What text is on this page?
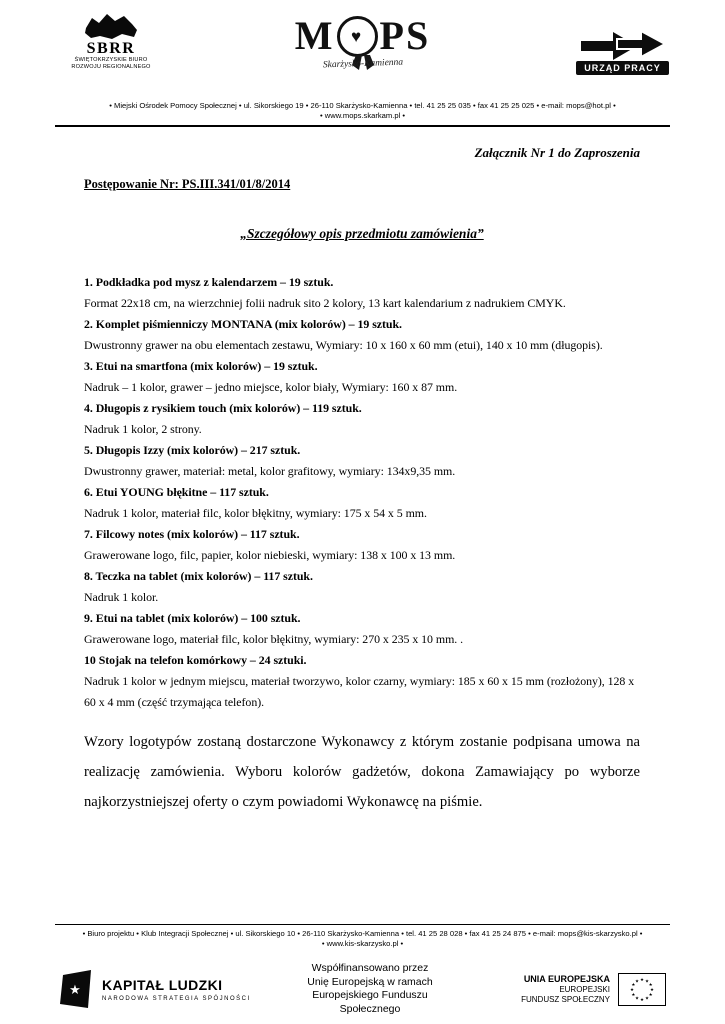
SBRR
ŚWIĘTOKRZYSKIE BIURO
ROZWOJU REGIONALNEGO
M ♥ PS
Skarżysko-Kamienna	URZĄD PRACY
• Miejski Ośrodek Pomocy Społecznej • ul. Sikorskiego 19 • 26-110 Skarżysko-Kamienna • tel. 41 25 25 035 • fax 41 25 25 025 • e-mail: mops@hot.pl •
• www.mops.skarkam.pl •

Załącznik Nr 1 do Zaproszenia

Postępowanie Nr: PS.III.341/01/8/2014

„Szczegółowy opis przedmiotu zamówienia”

1. Podkładka pod mysz z kalendarzem – 19 sztuk.

Format 22x18 cm, na wierzchniej folii nadruk sito 2 kolory, 13 kart kalendarium z nadrukiem CMYK.

2. Komplet piśmienniczy MONTANA (mix kolorów) – 19 sztuk.

Dwustronny grawer na obu elementach zestawu, Wymiary: 10 x 160 x 60 mm (etui), 140 x 10 mm (długopis).

3. Etui na smartfona (mix kolorów) – 19 sztuk.

Nadruk – 1 kolor, grawer – jedno miejsce, kolor biały, Wymiary: 160 x 87 mm.

4. Długopis z rysikiem touch (mix kolorów) – 119 sztuk.

Nadruk 1 kolor, 2 strony.

5. Długopis Izzy (mix kolorów) – 217 sztuk.

Dwustronny grawer, materiał: metal, kolor grafitowy, wymiary: 134x9,35 mm.

6. Etui YOUNG błękitne – 117 sztuk.

Nadruk 1 kolor, materiał filc, kolor błękitny, wymiary: 175 x 54 x 5 mm.

7. Filcowy notes (mix kolorów) – 117 sztuk.

Grawerowane logo, filc, papier, kolor niebieski, wymiary: 138 x 100 x 13 mm.

8. Teczka na tablet (mix kolorów) – 117 sztuk.

Nadruk 1 kolor.

9. Etui na tablet (mix kolorów) – 100 sztuk.

Grawerowane logo, materiał filc, kolor błękitny, wymiary: 270 x 235 x 10 mm. .

10 Stojak na telefon komórkowy – 24 sztuki.

Nadruk 1 kolor w jednym miejscu, materiał tworzywo, kolor czarny, wymiary: 185 x 60 x 15 mm (rozłożony), 128 x 60 x 4 mm (część trzymająca telefon).

Wzory logotypów zostaną dostarczone Wykonawcy z którym zostanie podpisana umowa na realizację zamówienia. Wyboru kolorów gadżetów, dokona Zamawiający po wyborze najkorzystniejszej oferty o czym powiadomi Wykonawcę na piśmie.

• Biuro projektu • Klub Integracji Społecznej • ul. Sikorskiego 10 • 26-110 Skarżysko-Kamienna • tel. 41 25 28 028 • fax 41 25 24 875 • e-mail: mops@kis-skarzysko.pl •
• www.kis-skarzysko.pl •
★ KAPITAŁ LUDZKI
NARODOWA STRATEGIA SPÓJNOŚCI
Współfinansowano przez
Unię Europejską w ramach
Europejskiego Funduszu Społecznego
UNIA EUROPEJSKA
EUROPEJSKI
FUNDUSZ SPOŁECZNY
★ ★
★
★
★
★
★
★
★
★
★
★
